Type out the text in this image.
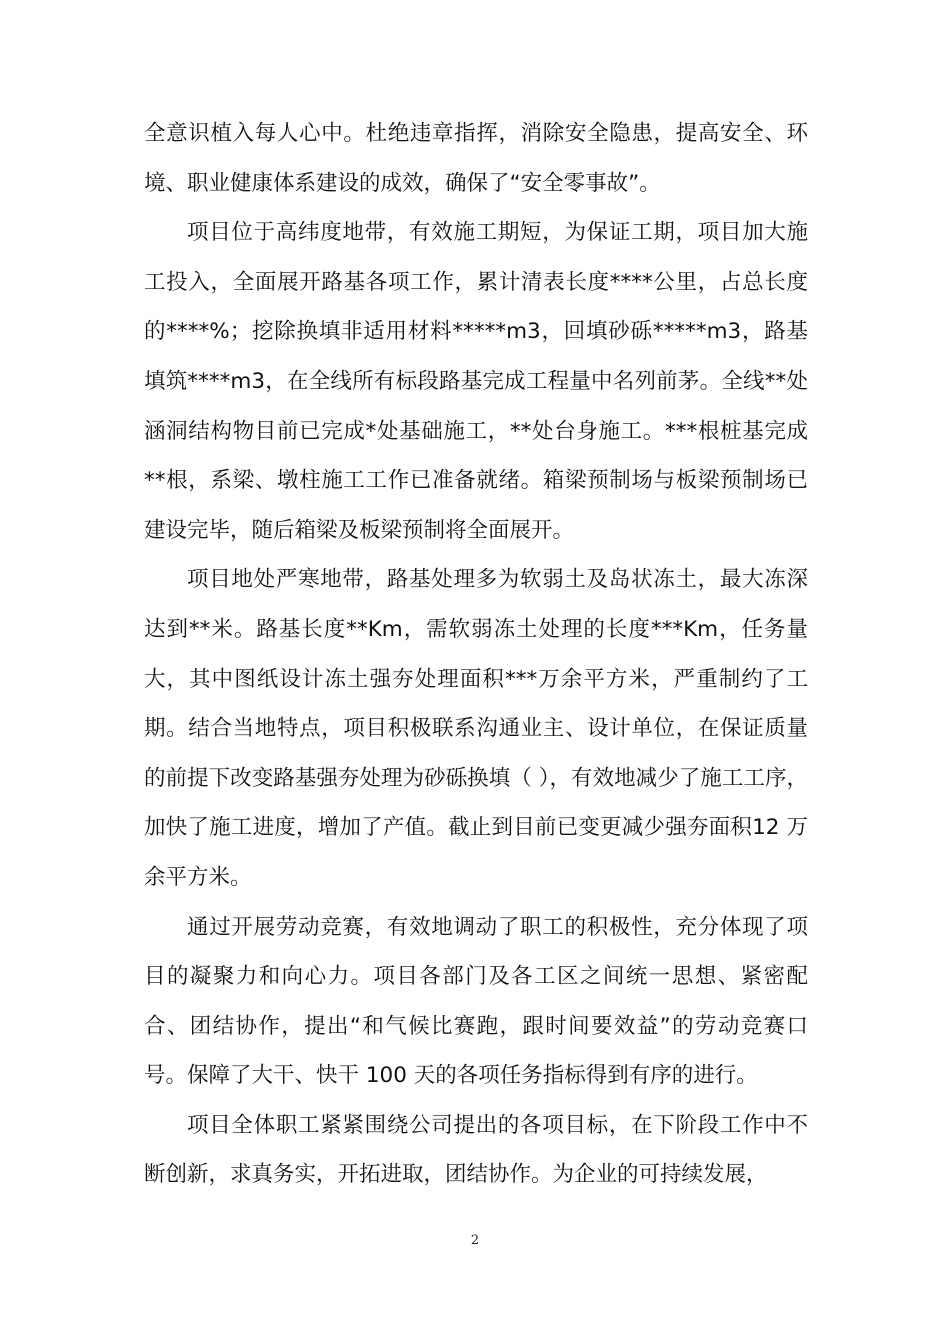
全意识植入每人心中。杜绝违章指挥，消除安全隐患，提高安全、环境、职业健康体系建设的成效，确保了“安全零事故”。

项目位于高纬度地带，有效施工期短，为保证工期，项目加大施工投入，全面展开路基各项工作，累计清表长度****公里，占总长度的****%；挖除换填非适用材料*****m3，回填砂砾*****m3，路基填筑****m3，在全线所有标段路基完成工程量中名列前茅。全线**处涵洞结构物目前已完成*处基础施工，**处台身施工。***根桩基完成**根，系梁、墩柱施工工作已准备就绪。箱梁预制场与板梁预制场已建设完毕，随后箱梁及板梁预制将全面展开。

项目地处严寒地带，路基处理多为软弱土及岛状冻土，最大冻深达到**米。路基长度**Km，需软弱冻土处理的长度***Km，任务量大，其中图纸设计冻土强夯处理面积***万余平方米，严重制约了工期。结合当地特点，项目积极联系沟通业主、设计单位，在保证质量的前提下改变路基强夯处理为砂砾换填（ ），有效地减少了施工工序，加快了施工进度，增加了产值。截止到目前已变更减少强夯面积12 万余平方米。

通过开展劳动竞赛，有效地调动了职工的积极性，充分体现了项目的凝聚力和向心力。项目各部门及各工区之间统一思想、紧密配合、团结协作，提出“和气候比赛跑，跟时间要效益”的劳动竞赛口号。保障了大干、快干 100 天的各项任务指标得到有序的进行。

项目全体职工紧紧围绕公司提出的各项目标，在下阶段工作中不断创新，求真务实，开拓进取，团结协作。为企业的可持续发展，

2
